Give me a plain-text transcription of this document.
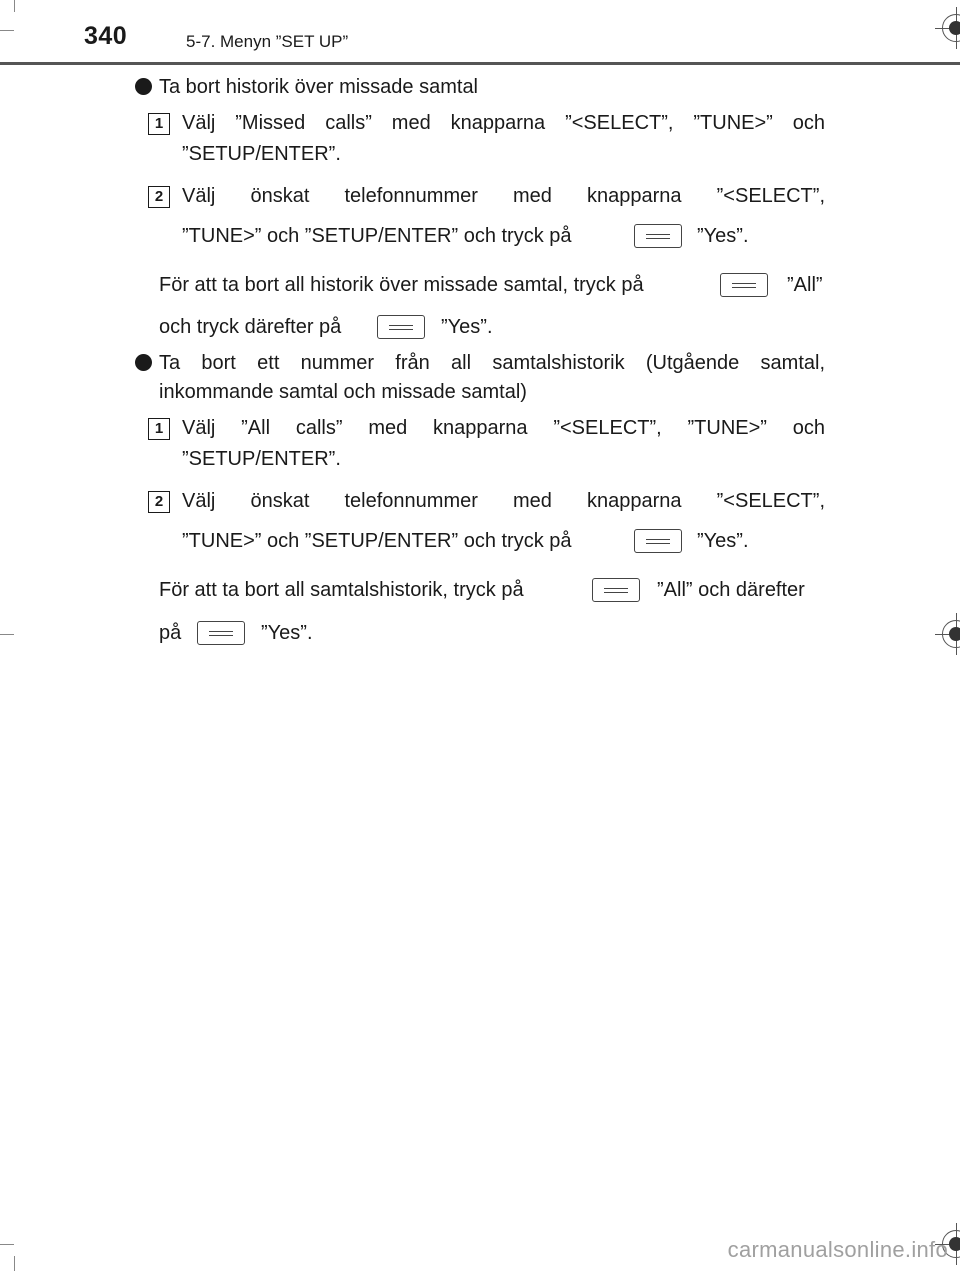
340	5-7. Menyn ”SET UP”
Ta bort historik över missade samtal
1 Välj ”Missed calls” med knapparna ”<SELECT”, ”TUNE>” och
”SETUP/ENTER”.
2 Välj önskat telefonnummer med knapparna ”<SELECT”,
”TUNE>” och ”SETUP/ENTER” och tryck på	”Yes”.
För att ta bort all historik över missade samtal, tryck på	”All”
och tryck därefter på	”Yes”.
Ta bort ett nummer från all samtalshistorik (Utgående samtal,
inkommande samtal och missade samtal)
1 Välj ”All calls” med knapparna ”<SELECT”, ”TUNE>” och
”SETUP/ENTER”.
2 Välj önskat telefonnummer med knapparna ”<SELECT”,
”TUNE>” och ”SETUP/ENTER” och tryck på	”Yes”.
För att ta bort all samtalshistorik, tryck på	”All” och därefter
på	”Yes”.
carmanualsonline.info
